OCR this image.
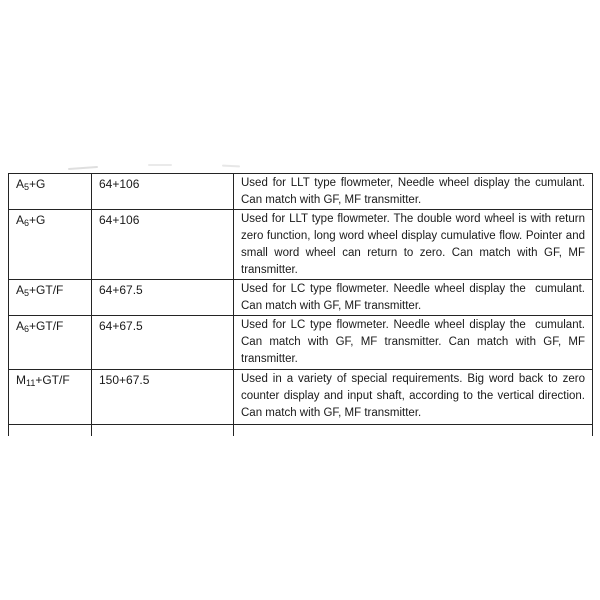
$A_5+G$	64+106	Used for LLT type flowmeter, Needle wheel display the cumulant. Can match with GF, MF transmitter.
$A_6+G$	64+106	Used for LLT type flowmeter. The double word wheel is with return zero function, long word wheel display cumulative flow. Pointer and small word wheel can return to zero. Can match with GF, MF transmitter.
$A_5+GT/F$	64+67.5	Used for LC type flowmeter. Needle wheel display the  cumulant. Can match with GF, MF transmitter.
$A_6+GT/F$	64+67.5	Used for LC type flowmeter. Needle wheel display the  cumulant. Can match with GF, MF transmitter. Can match with GF, MF transmitter.
$M_{11}+GT/F$	150+67.5	Used in a variety of special requirements. Big word back to zero counter display and input shaft, according to the vertical direction. Can match with GF, MF transmitter.
